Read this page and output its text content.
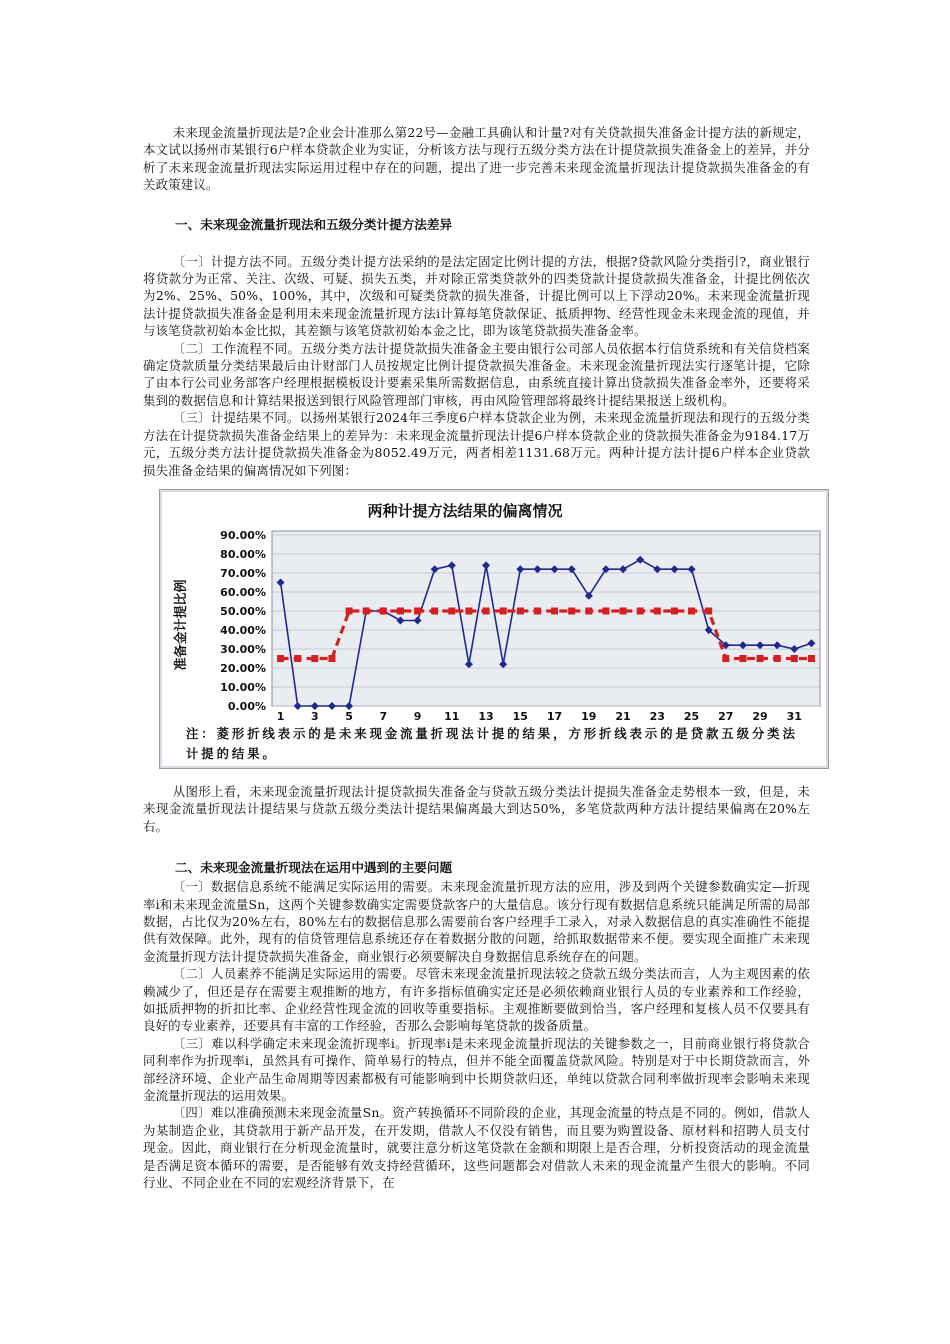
未来现金流量折现法是?企业会计准那么第22号—金融工具确认和计量?对有关贷款损失准备金计提方法的新规定，本文试以扬州市某银行6户样本贷款企业为实证，分析该方法与现行五级分类方法在计提贷款损失准备金上的差异，并分析了未来现金流量折现法实际运用过程中存在的问题，提出了进一步完善未来现金流量折现法计提贷款损失准备金的有关政策建议。

一、未来现金流量折现法和五级分类计提方法差异

〔一〕计提方法不同。五级分类计提方法采纳的是法定固定比例计提的方法，根据?贷款风险分类指引?，商业银行将贷款分为正常、关注、次级、可疑、损失五类，并对除正常类贷款外的四类贷款计提贷款损失准备金，计提比例依次为2%、25%、50%、100%，其中，次级和可疑类贷款的损失准备，计提比例可以上下浮动20%。未来现金流量折现法计提贷款损失准备金是利用未来现金流量折现方法ⅰ计算每笔贷款保证、抵质押物、经营性现金未来现金流的现值，并与该笔贷款初始本金比拟，其差额与该笔贷款初始本金之比，即为该笔贷款损失准备金率。

〔二〕工作流程不同。五级分类方法计提贷款损失准备金主要由银行公司部人员依据本行信贷系统和有关信贷档案确定贷款质量分类结果最后由计财部门人员按规定比例计提贷款损失准备金。未来现金流量折现法实行逐笔计提，它除了由本行公司业务部客户经理根据模板设计要素采集所需数据信息，由系统直接计算出贷款损失准备金率外，还要将采集到的数据信息和计算结果报送到银行风险管理部门审核，再由风险管理部将最终计提结果报送上级机构。

〔三〕计提结果不同。以扬州某银行2024年三季度6户样本贷款企业为例，未来现金流量折现法和现行的五级分类方法在计提贷款损失准备金结果上的差异为：未来现金流量折现法计提6户样本贷款企业的贷款损失准备金为9184.17万元，五级分类方法计提贷款损失准备金为8052.49万元，两者相差1131.68万元。两种计提方法计提6户样本企业贷款损失准备金结果的偏离情况如下列图：

两种计提方法结果的偏离情况
0.00%
10.00%
20.00%
30.00%
40.00%
50.00%
60.00%
70.00%
80.00%
90.00%
1 3 5 7 9 11 13 15 17 19 21 23 25 27 29 31
准备金计提比例
注：菱形折线表示的是未来现金流量折现法计提的结果，方形折线表示的是贷款五级分类法计提的结果。

从图形上看，未来现金流量折现法计提贷款损失准备金与贷款五级分类法计提损失准备金走势根本一致，但是，未来现金流量折现法计提结果与贷款五级分类法计提结果偏离最大到达50%，多笔贷款两种方法计提结果偏离在20%左右。

二、未来现金流量折现法在运用中遇到的主要问题

〔一〕数据信息系统不能满足实际运用的需要。未来现金流量折现方法的应用，涉及到两个关键参数确实定—折现率ⅰ和未来现金流量Sn，这两个关键参数确实定需要贷款客户的大量信息。该分行现有数据信息系统只能满足所需的局部数据，占比仅为20%左右，80%左右的数据信息那么需要前台客户经理手工录入，对录入数据信息的真实准确性不能提供有效保障。此外，现有的信贷管理信息系统还存在着数据分散的问题，给抓取数据带来不便。要实现全面推广未来现金流量折现方法计提贷款损失准备金，商业银行必须要解决自身数据信息系统存在的问题。

〔二〕人员素养不能满足实际运用的需要。尽管未来现金流量折现法较之贷款五级分类法而言，人为主观因素的依赖减少了，但还是存在需要主观推断的地方，有许多指标值确实定还是必须依赖商业银行人员的专业素养和工作经验，如抵质押物的折扣比率、企业经营性现金流的回收等重要指标。主观推断要做到恰当，客户经理和复核人员不仅要具有良好的专业素养，还要具有丰富的工作经验，否那么会影响每笔贷款的拨备质量。

〔三〕难以科学确定未来现金流折现率ⅰ。折现率ⅰ是未来现金流量折现法的关键参数之一，目前商业银行将贷款合同利率作为折现率ⅰ，虽然具有可操作、简单易行的特点，但并不能全面覆盖贷款风险。特别是对于中长期贷款而言，外部经济环境、企业产品生命周期等因素都极有可能影响到中长期贷款归还，单纯以贷款合同利率做折现率会影响未来现金流量折现法的运用效果。

〔四〕难以准确预测未来现金流量Sn。资产转换循环不同阶段的企业，其现金流量的特点是不同的。例如，借款人为某制造企业，其贷款用于新产品开发，在开发期，借款人不仅没有销售，而且要为购置设备、原材料和招聘人员支付现金。因此，商业银行在分析现金流量时，就要注意分析这笔贷款在金额和期限上是否合理，分析投资活动的现金流量是否满足资本循环的需要，是否能够有效支持经营循环，这些问题都会对借款人未来的现金流量产生很大的影响。不同行业、不同企业在不同的宏观经济背景下，在
